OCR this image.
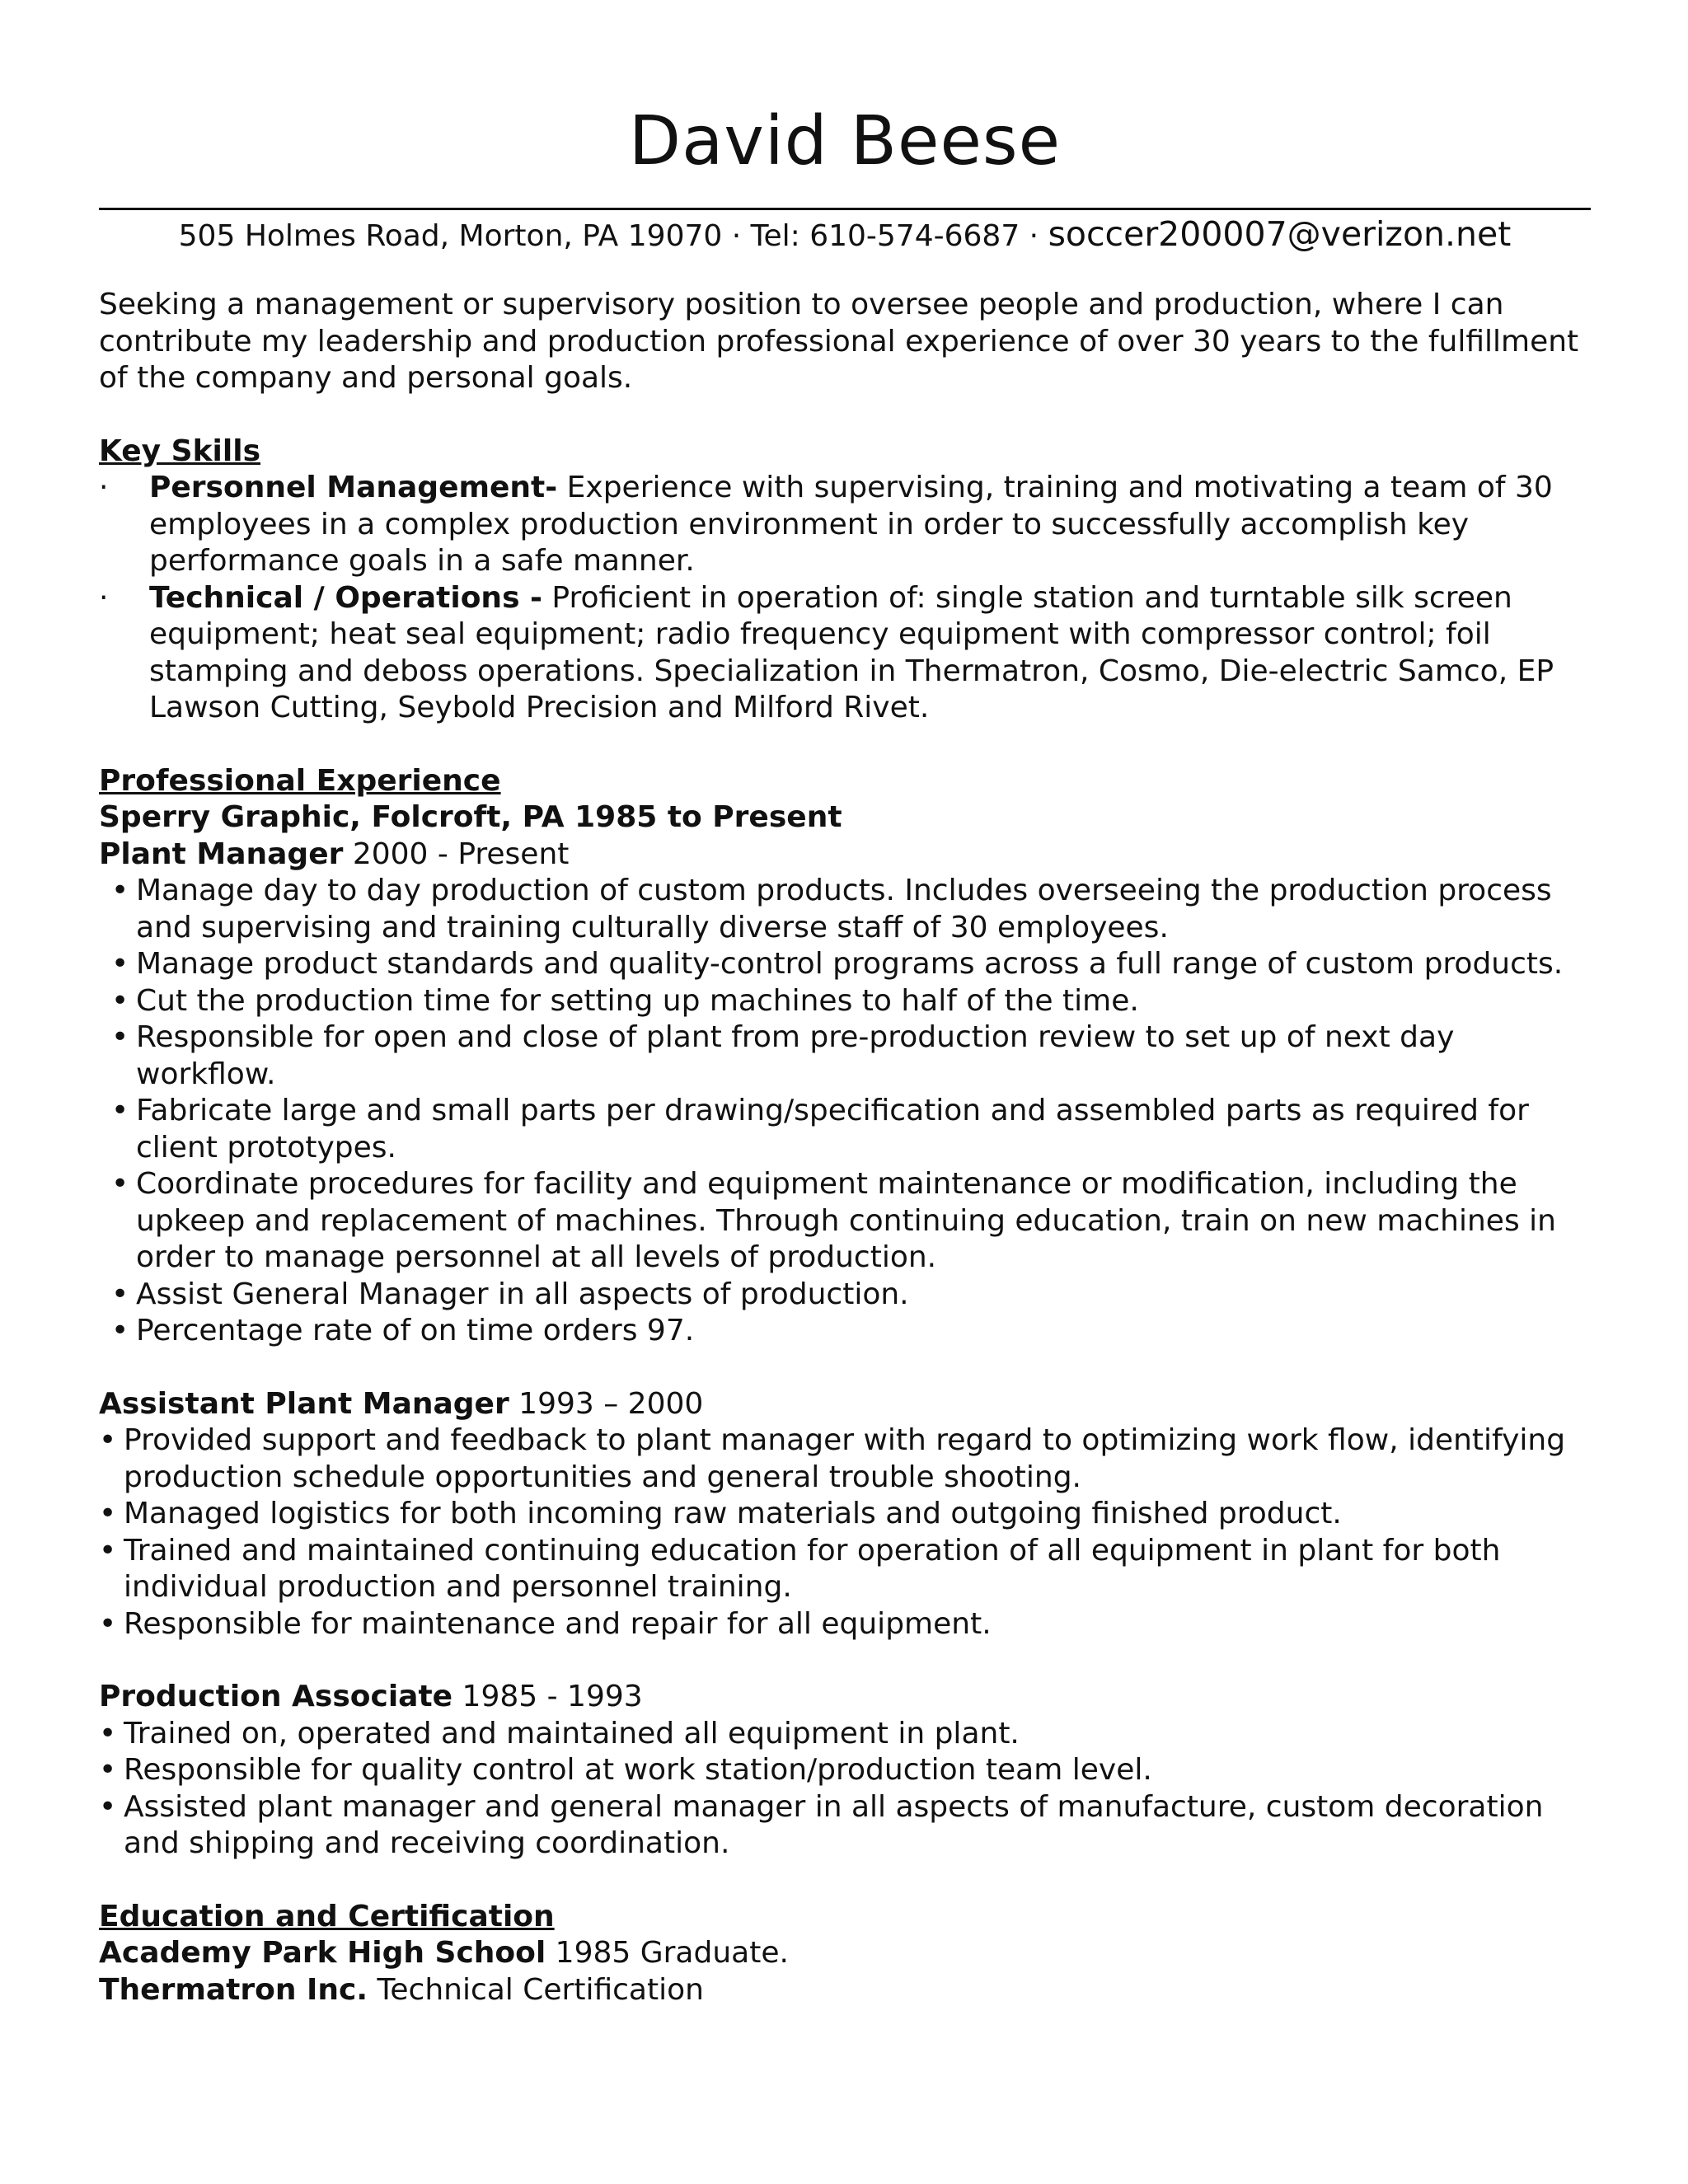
David Beese
505 Holmes Road, Morton, PA 19070 · Tel: 610-574-6687 · soccer200007@verizon.net
Seeking a management or supervisory position to oversee people and production, where I can contribute my leadership and production professional experience of over 30 years to the fulfillment of the company and personal goals.
Key Skills
· Personnel Management- Experience with supervising, training and motivating a team of 30 employees in a complex production environment in order to successfully accomplish key performance goals in a safe manner.
· Technical / Operations - Proficient in operation of: single station and turntable silk screen equipment; heat seal equipment; radio frequency equipment with compressor control; foil stamping and deboss operations. Specialization in Thermatron, Cosmo, Die-electric Samco, EP Lawson Cutting, Seybold Precision and Milford Rivet.
Professional Experience
Sperry Graphic, Folcroft, PA 1985 to Present
Plant Manager 2000 - Present
• Manage day to day production of custom products. Includes overseeing the production process and supervising and training culturally diverse staff of 30 employees.
• Manage product standards and quality-control programs across a full range of custom products.
• Cut the production time for setting up machines to half of the time.
• Responsible for open and close of plant from pre-production review to set up of next day workflow.
• Fabricate large and small parts per drawing/specification and assembled parts as required for client prototypes.
• Coordinate procedures for facility and equipment maintenance or modification, including the upkeep and replacement of machines. Through continuing education, train on new machines in order to manage personnel at all levels of production.
• Assist General Manager in all aspects of production.
• Percentage rate of on time orders 97.
Assistant Plant Manager 1993 – 2000
• Provided support and feedback to plant manager with regard to optimizing work flow, identifying production schedule opportunities and general trouble shooting.
• Managed logistics for both incoming raw materials and outgoing finished product.
• Trained and maintained continuing education for operation of all equipment in plant for both individual production and personnel training.
• Responsible for maintenance and repair for all equipment.
Production Associate 1985 - 1993
• Trained on, operated and maintained all equipment in plant.
• Responsible for quality control at work station/production team level.
• Assisted plant manager and general manager in all aspects of manufacture, custom decoration and shipping and receiving coordination.
Education and Certification
Academy Park High School 1985 Graduate.
Thermatron Inc. Technical Certification
